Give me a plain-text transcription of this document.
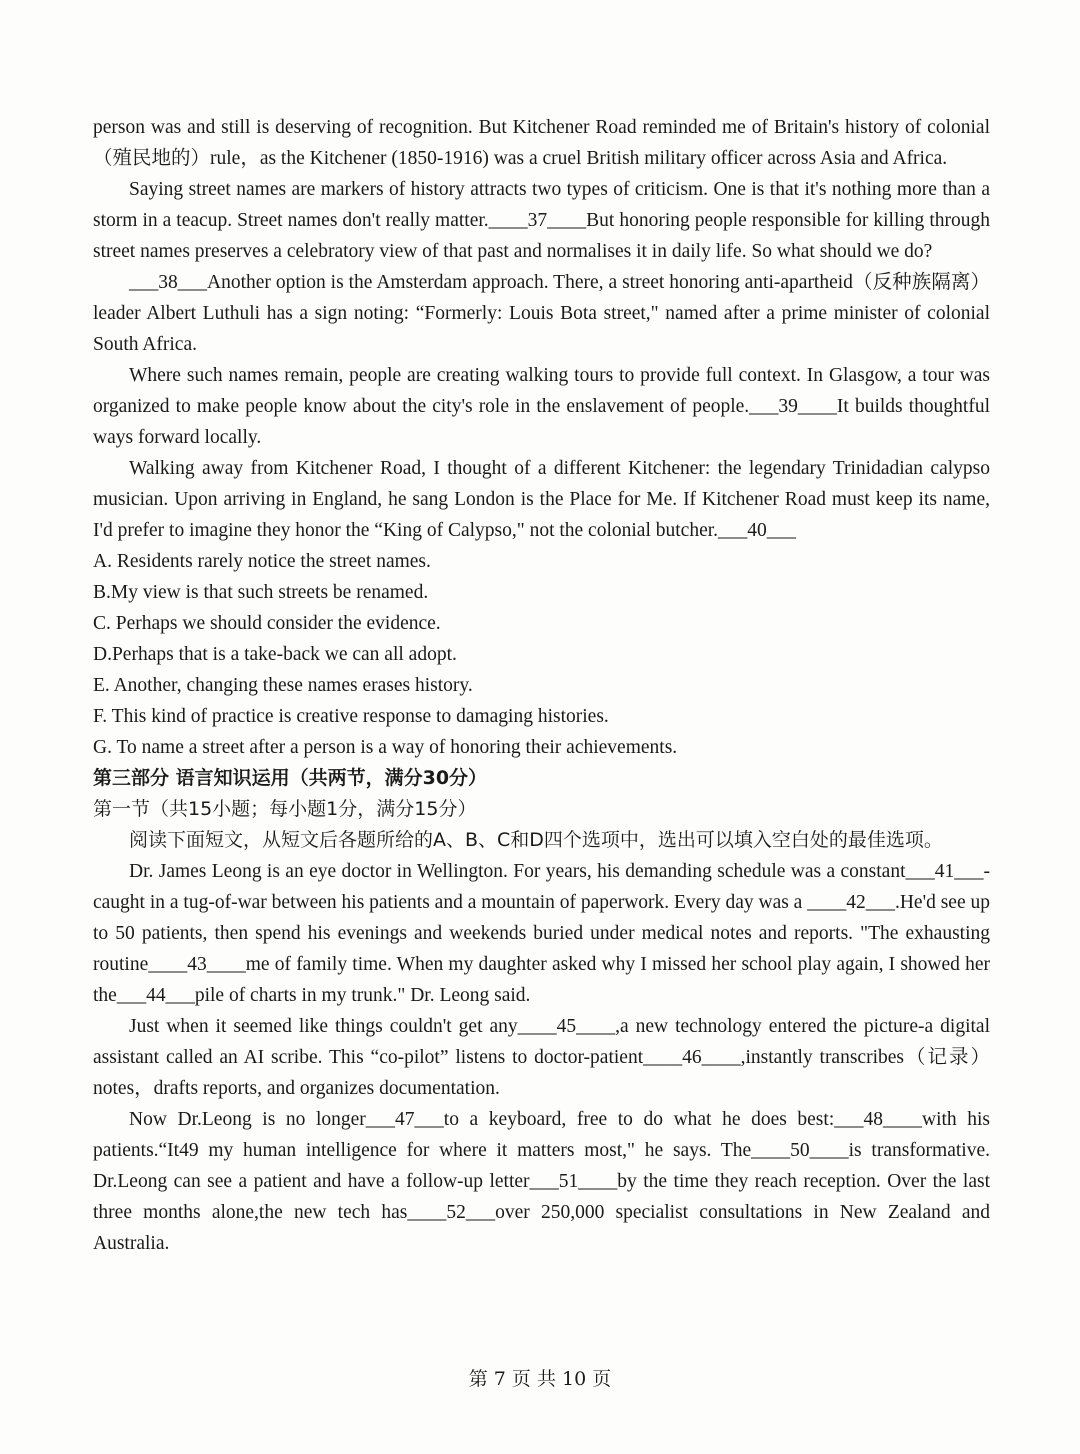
person was and still is deserving of recognition. But Kitchener Road reminded me of Britain's history of colonial（殖民地的）rule，as the Kitchener (1850-1916) was a cruel British military officer across Asia and Africa.

Saying street names are markers of history attracts two types of criticism. One is that it's nothing more than a storm in a teacup. Street names don't really matter.____37____But honoring people responsible for killing through street names preserves a celebratory view of that past and normalises it in daily life. So what should we do?

___38___Another option is the Amsterdam approach. There, a street honoring anti-apartheid（反种族隔离）leader Albert Luthuli has a sign noting: “Formerly: Louis Bota street," named after a prime minister of colonial South Africa.

Where such names remain, people are creating walking tours to provide full context. In Glasgow, a tour was organized to make people know about the city's role in the enslavement of people.___39____It builds thoughtful ways forward locally.

Walking away from Kitchener Road, I thought of a different Kitchener: the legendary Trinidadian calypso musician. Upon arriving in England, he sang London is the Place for Me. If Kitchener Road must keep its name, I'd prefer to imagine they honor the “King of Calypso," not the colonial butcher.___40___

A. Residents rarely notice the street names.

B.My view is that such streets be renamed.

C. Perhaps we should consider the evidence.

D.Perhaps that is a take-back we can all adopt.

E. Another, changing these names erases history.

F. This kind of practice is creative response to damaging histories.

G. To name a street after a person is a way of honoring their achievements.

第三部分 语言知识运用（共两节，满分30分）

第一节（共15小题；每小题1分，满分15分）

阅读下面短文，从短文后各题所给的A、B、C和D四个选项中，选出可以填入空白处的最佳选项。

Dr. James Leong is an eye doctor in Wellington. For years, his demanding schedule was a constant___41___-caught in a tug-of-war between his patients and a mountain of paperwork. Every day was a ____42___.He'd see up to 50 patients, then spend his evenings and weekends buried under medical notes and reports. "The exhausting routine____43____me of family time. When my daughter asked why I missed her school play again, I showed her the___44___pile of charts in my trunk." Dr. Leong said.

Just when it seemed like things couldn't get any____45____,a new technology entered the picture-a digital assistant called an AI scribe. This “co-pilot” listens to doctor-patient____46____,instantly transcribes（记录）notes，drafts reports, and organizes documentation.

Now Dr.Leong is no longer___47___to a keyboard, free to do what he does best:___48____with his patients.“It49 my human intelligence for where it matters most," he says. The____50____is transformative. Dr.Leong can see a patient and have a follow-up letter___51____by the time they reach reception. Over the last three months alone,the new tech has____52___over 250,000 specialist consultations in New Zealand and Australia.

第 7 页 共 10 页
